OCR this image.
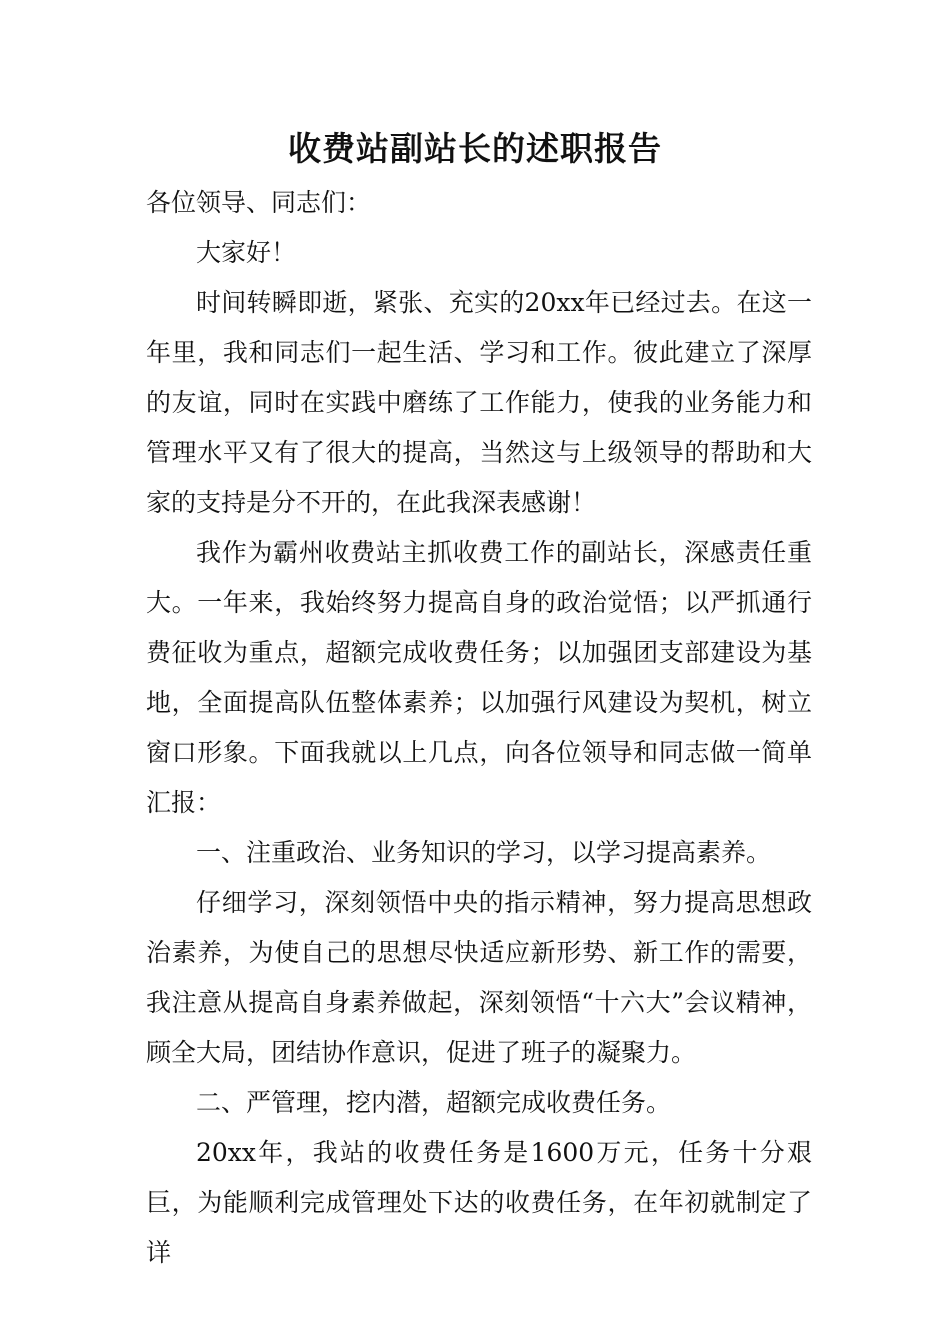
收费站副站长的述职报告

各位领导、同志们：

大家好！

时间转瞬即逝，紧张、充实的20xx年已经过去。在这一年里，我和同志们一起生活、学习和工作。彼此建立了深厚的友谊，同时在实践中磨练了工作能力，使我的业务能力和管理水平又有了很大的提高，当然这与上级领导的帮助和大家的支持是分不开的，在此我深表感谢！

我作为霸州收费站主抓收费工作的副站长，深感责任重大。一年来，我始终努力提高自身的政治觉悟；以严抓通行费征收为重点，超额完成收费任务；以加强团支部建设为基地，全面提高队伍整体素养；以加强行风建设为契机，树立窗口形象。下面我就以上几点，向各位领导和同志做一简单汇报：

一、注重政治、业务知识的学习，以学习提高素养。

仔细学习，深刻领悟中央的指示精神，努力提高思想政治素养，为使自己的思想尽快适应新形势、新工作的需要，我注意从提高自身素养做起，深刻领悟“十六大”会议精神，顾全大局，团结协作意识，促进了班子的凝聚力。

二、严管理，挖内潜，超额完成收费任务。

20xx年，我站的收费任务是1600万元，任务十分艰巨，为能顺利完成管理处下达的收费任务，在年初就制定了详
